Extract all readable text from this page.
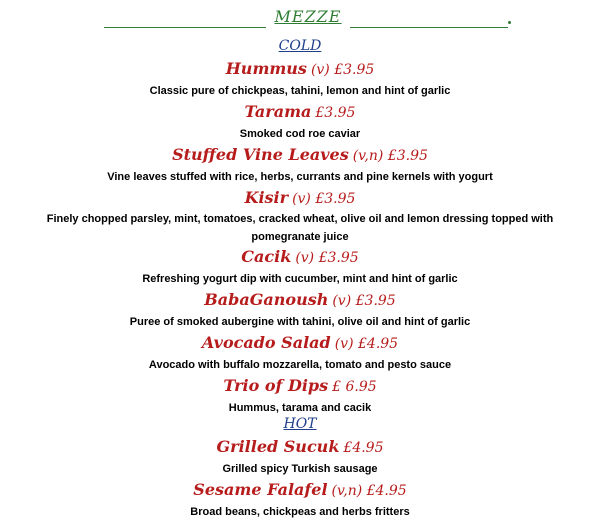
MEZZE
COLD
Hummus (v) £3.95
Classic pure of chickpeas, tahini, lemon and hint of garlic
Tarama £3.95
Smoked cod roe caviar
Stuffed Vine Leaves (v,n) £3.95
Vine leaves stuffed with rice, herbs, currants and pine kernels with yogurt
Kisir (v) £3.95
Finely chopped parsley, mint, tomatoes, cracked wheat, olive oil and lemon dressing topped with pomegranate juice
Cacik (v) £3.95
Refreshing yogurt dip with cucumber, mint and hint of garlic
BabaGanoush (v) £3.95
Puree of smoked aubergine with tahini, olive oil and hint of garlic
Avocado Salad (v) £4.95
Avocado with buffalo mozzarella, tomato and pesto sauce
Trio of Dips £ 6.95
Hummus, tarama and cacik
HOT
Grilled Sucuk £4.95
Grilled spicy Turkish sausage
Sesame Falafel (v,n) £4.95
Broad beans, chickpeas and herbs fritters
